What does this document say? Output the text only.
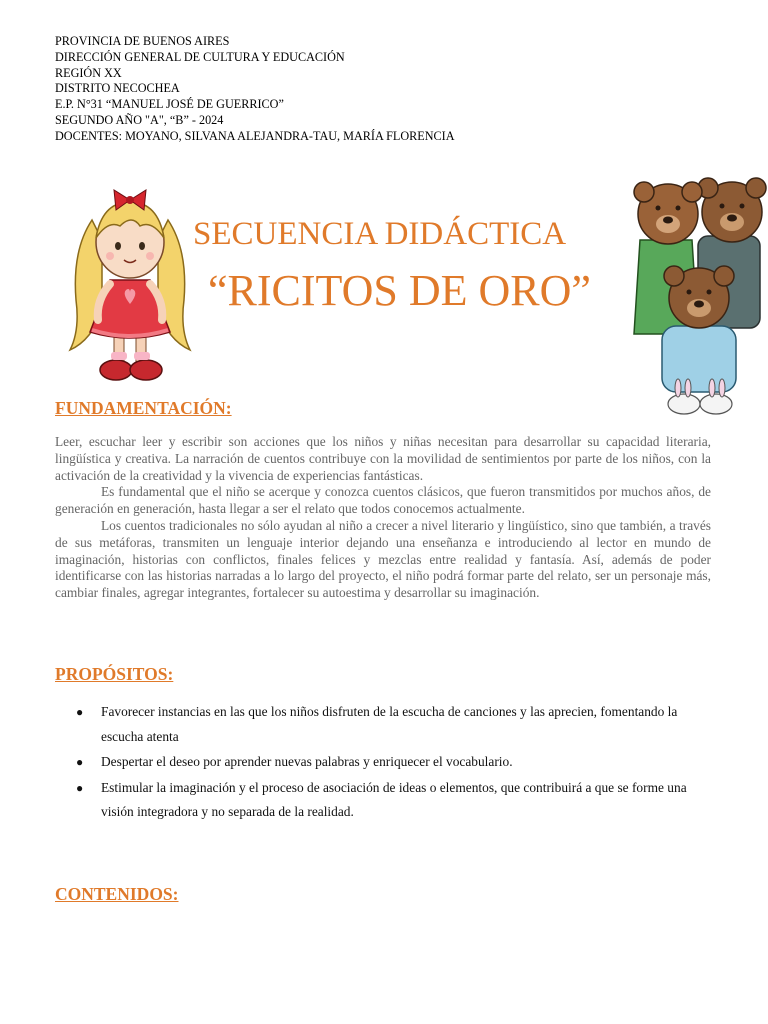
PROVINCIA DE BUENOS AIRES
DIRECCIÓN GENERAL DE CULTURA Y EDUCACIÓN
REGIÓN XX
DISTRITO NECOCHEA
E.P. N°31 “MANUEL JOSÉ DE GUERRICO”
SEGUNDO AÑO "A", “B” - 2024
DOCENTES: MOYANO, SILVANA ALEJANDRA-TAU, MARÍA FLORENCIA
SECUENCIA DIDÁCTICA
“RICITOS DE ORO”
FUNDAMENTACIÓN:

Leer, escuchar leer y escribir son acciones que los niños y niñas necesitan para desarrollar su capacidad literaria, lingüística y creativa. La narración de cuentos contribuye con la movilidad de sentimientos por parte de los niños, con la activación de la creatividad y la vivencia de experiencias fantásticas.

Es fundamental que el niño se acerque y conozca cuentos clásicos, que fueron transmitidos por muchos años, de generación en generación, hasta llegar a ser el relato que todos conocemos actualmente.

Los cuentos tradicionales no sólo ayudan al niño a crecer a nivel literario y lingüístico, sino que también, a través de sus metáforas, transmiten un lenguaje interior dejando una enseñanza e introduciendo al lector en mundo de imaginación, historias con conflictos, finales felices y mezclas entre realidad y fantasía. Así, además de poder identificarse con las historias narradas a lo largo del proyecto, el niño podrá formar parte del relato, ser un personaje más, cambiar finales, agregar integrantes, fortalecer su autoestima y desarrollar su imaginación.

PROPÓSITOS:
● Favorecer instancias en las que los niños disfruten de la escucha de canciones y las aprecien, fomentando la escucha atenta
● Despertar el deseo por aprender nuevas palabras y enriquecer el vocabulario.
● Estimular la imaginación y el proceso de asociación de ideas o elementos, que contribuirá a que se forme una visión integradora y no separada de la realidad.
CONTENIDOS:
